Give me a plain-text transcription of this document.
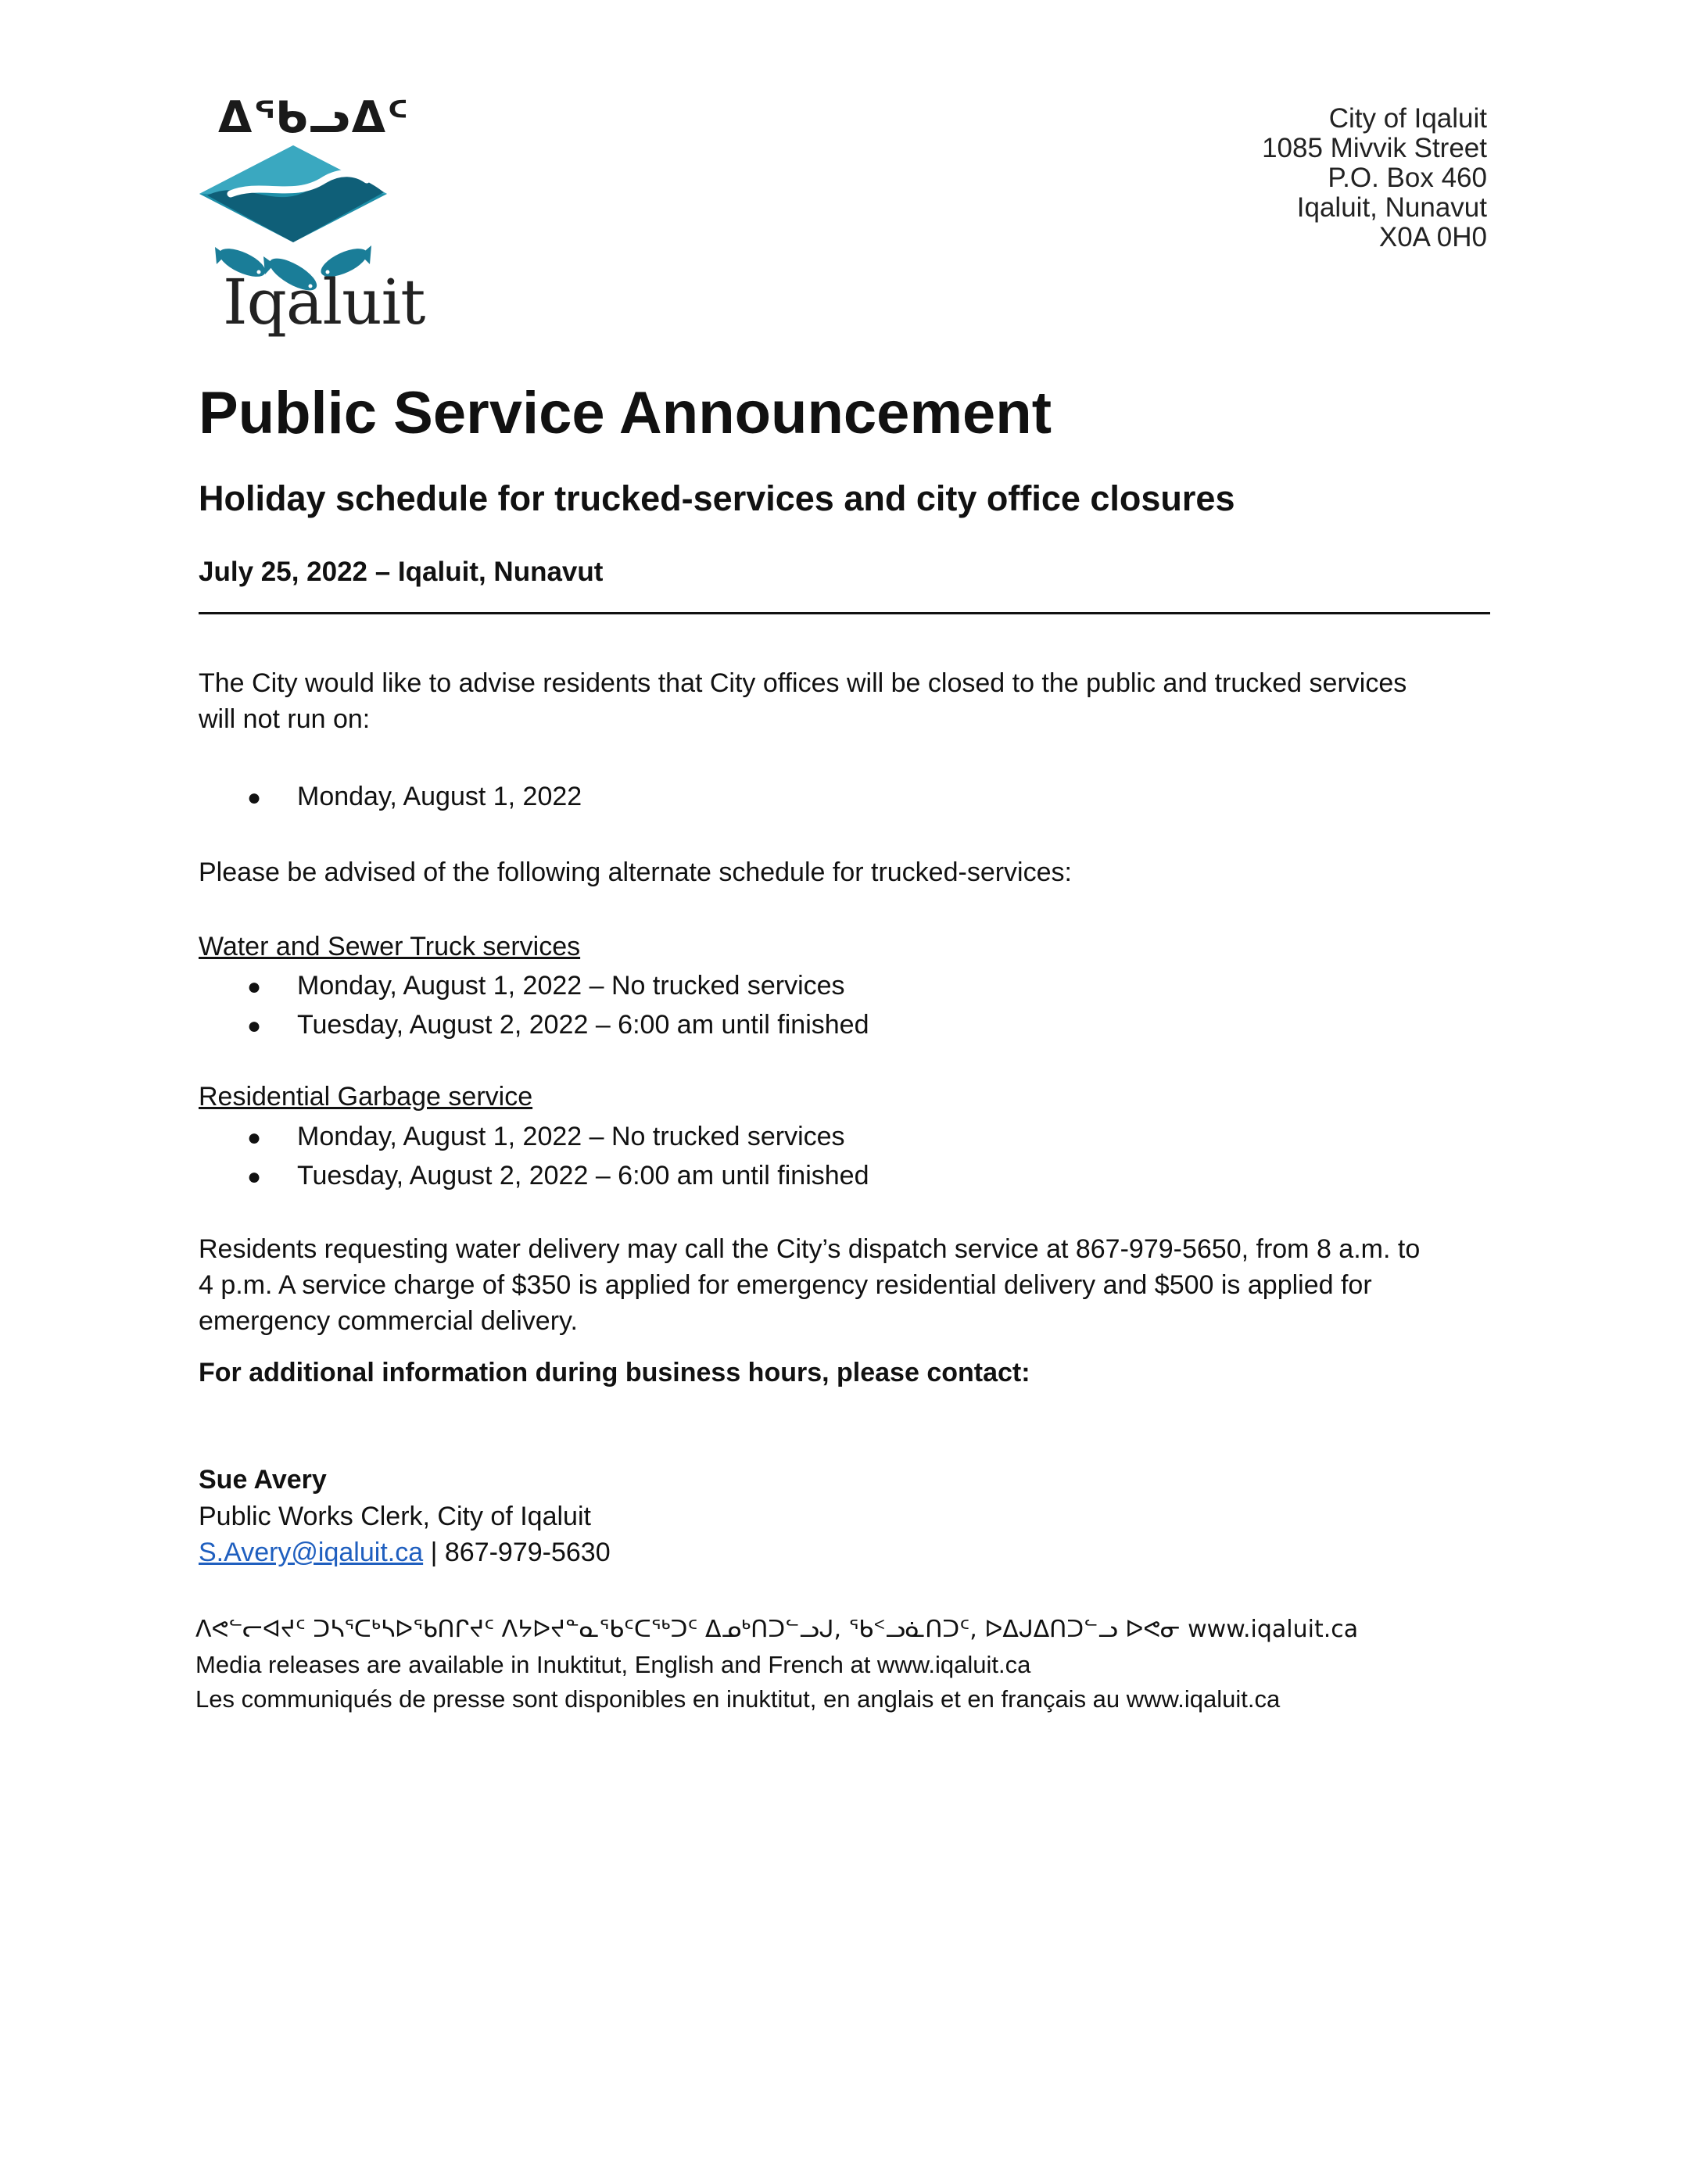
ᐃᖃᓗᐃᑦ
Iqaluit
City of Iqaluit
1085 Mivvik Street
P.O. Box 460
Iqaluit, Nunavut
X0A 0H0
Public Service Announcement
Holiday schedule for trucked-services and city office closures
July 25, 2022 – Iqaluit, Nunavut
The City would like to advise residents that City offices will be closed to the public and trucked services
will not run on:
● Monday, August 1, 2022
Please be advised of the following alternate schedule for trucked-services:
Water and Sewer Truck services
● Monday, August 1, 2022 – No trucked services
● Tuesday, August 2, 2022 – 6:00 am until finished
Residential Garbage service
● Monday, August 1, 2022 – No trucked services
● Tuesday, August 2, 2022 – 6:00 am until finished
Residents requesting water delivery may call the City’s dispatch service at 867-979-5650, from 8 a.m. to
4 p.m. A service charge of $350 is applied for emergency residential delivery and $500 is applied for
emergency commercial delivery.
For additional information during business hours, please contact:
Sue Avery
Public Works Clerk, City of Iqaluit
S.Avery@iqaluit.ca | 867-979-5630
ᐱᕙᓪᓕᐊᔪᑦ ᑐᓴᕐᑕᒃᓴᐅᖃᑎᒋᔪᑦ ᐱᔭᐅᔪᓐᓇᖃᑦᑕᖅᑐᑦ ᐃᓄᒃᑎᑐᓪᓗᒍ, ᖃᑉᓗᓈᑎᑐᑦ, ᐅᐃᒍᐃᑎᑐᓪᓗ ᐅᕙᓂ www.iqaluit.ca
Media releases are available in Inuktitut, English and French at www.iqaluit.ca
Les communiqués de presse sont disponibles en inuktitut, en anglais et en français au www.iqaluit.ca
